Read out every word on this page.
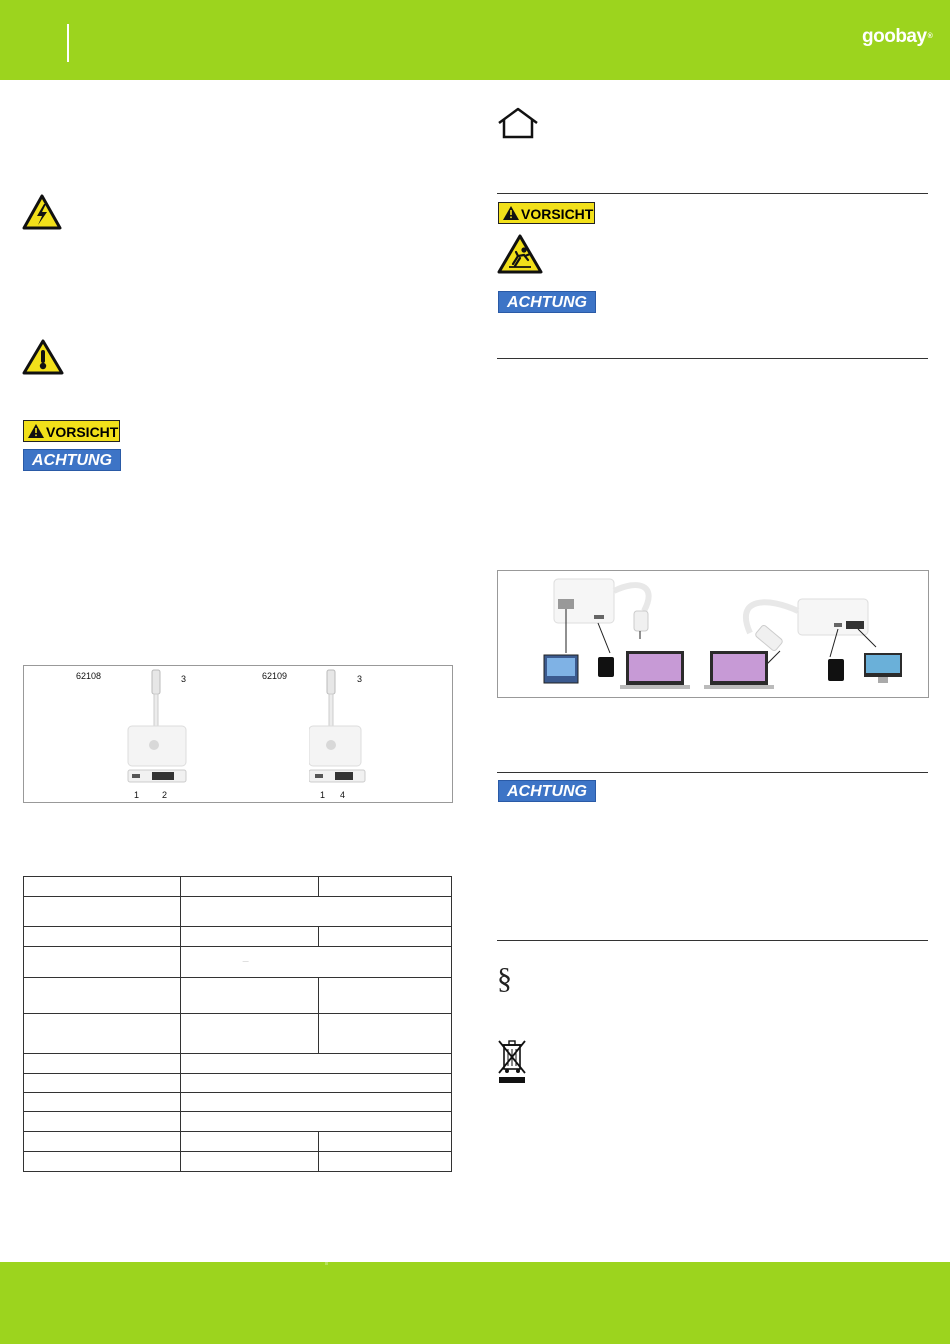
goobay®
VORSICHT
ACHTUNG
62108
1	2
3	62109
1 4
3

	—	

VORSICHT
ACHTUNG
ACHTUNG
§
